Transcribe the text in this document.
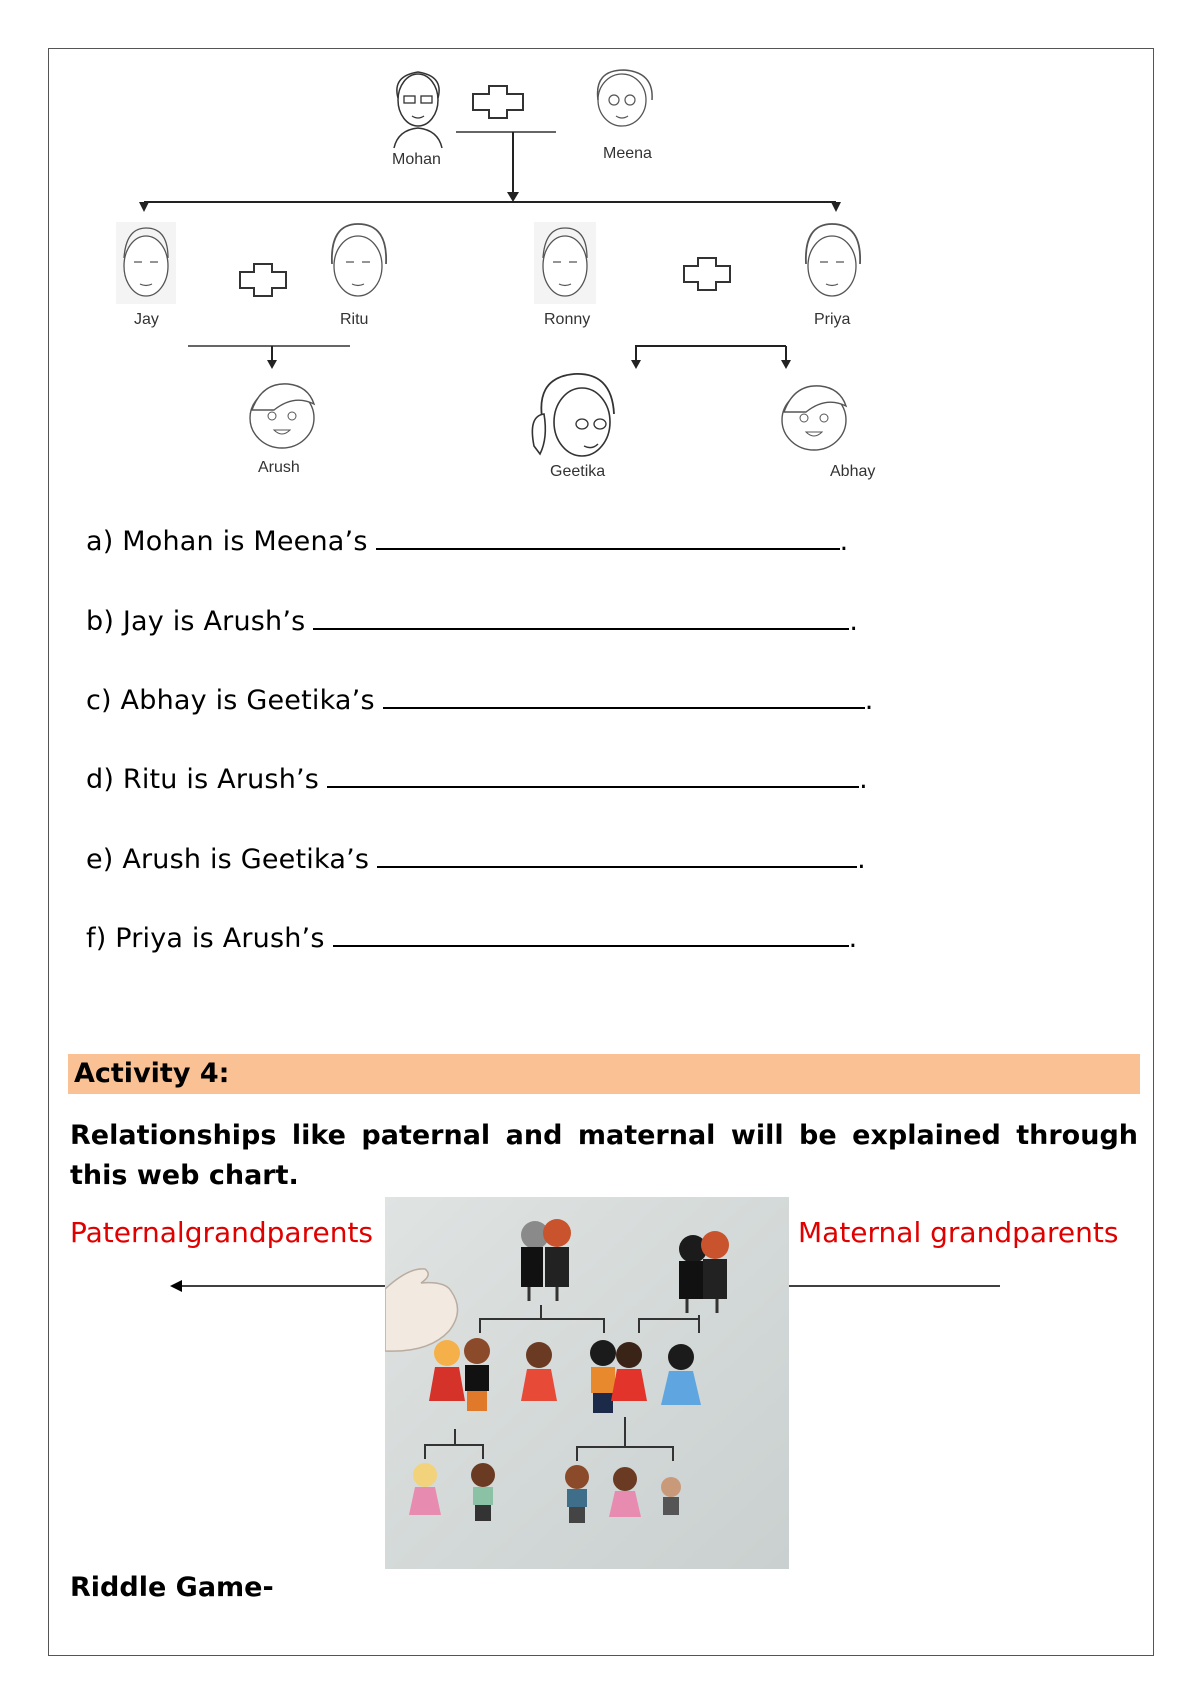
Mohan	Meena
Jay	Ritu	Ronny	Priya
Arush	Geetika	Abhay
a) Mohan is Meena’s	.
b) Jay is Arush’s	.
c) Abhay is Geetika’s	.
d) Ritu is Arush’s	.
e) Arush is Geetika’s	.
f) Priya is Arush’s	.
Activity 4:
Relationships like paternal and maternal will be explained through this web chart.
Paternalgrandparents	Maternal grandparents
Riddle Game-
